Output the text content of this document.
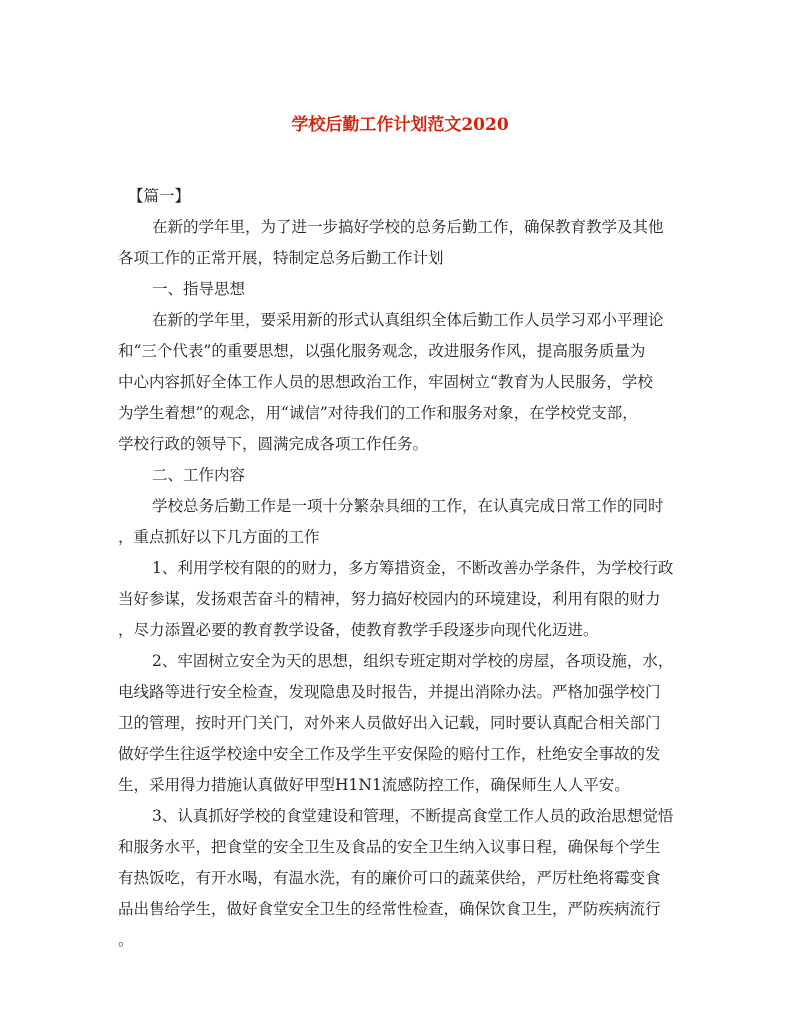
学校后勤工作计划范文2020

【篇一】

在新的学年里，为了进一步搞好学校的总务后勤工作，确保教育教学及其他
各项工作的正常开展，特制定总务后勤工作计划

一、指导思想

在新的学年里，要采用新的形式认真组织全体后勤工作人员学习邓小平理论
和“三个代表”的重要思想，以强化服务观念，改进服务作风，提高服务质量为
中心内容抓好全体工作人员的思想政治工作，牢固树立“教育为人民服务，学校
为学生着想”的观念，用“诚信”对待我们的工作和服务对象，在学校党支部，
学校行政的领导下，圆满完成各项工作任务。

二、工作内容

学校总务后勤工作是一项十分繁杂具细的工作，在认真完成日常工作的同时
，重点抓好以下几方面的工作

1、利用学校有限的的财力，多方筹措资金，不断改善办学条件，为学校行政
当好参谋，发扬艰苦奋斗的精神，努力搞好校园内的环境建设，利用有限的财力
，尽力添置必要的教育教学设备，使教育教学手段逐步向现代化迈进。

2、牢固树立安全为天的思想，组织专班定期对学校的房屋，各项设施，水，
电线路等进行安全检查，发现隐患及时报告，并提出消除办法。严格加强学校门
卫的管理，按时开门关门，对外来人员做好出入记载，同时要认真配合相关部门
做好学生往返学校途中安全工作及学生平安保险的赔付工作，杜绝安全事故的发
生，采用得力措施认真做好甲型H1N1流感防控工作，确保师生人人平安。

3、认真抓好学校的食堂建设和管理，不断提高食堂工作人员的政治思想觉悟
和服务水平，把食堂的安全卫生及食品的安全卫生纳入议事日程，确保每个学生
有热饭吃，有开水喝，有温水洗，有的廉价可口的蔬菜供给，严厉杜绝将霉变食
品出售给学生，做好食堂安全卫生的经常性检查，确保饮食卫生，严防疾病流行
。
